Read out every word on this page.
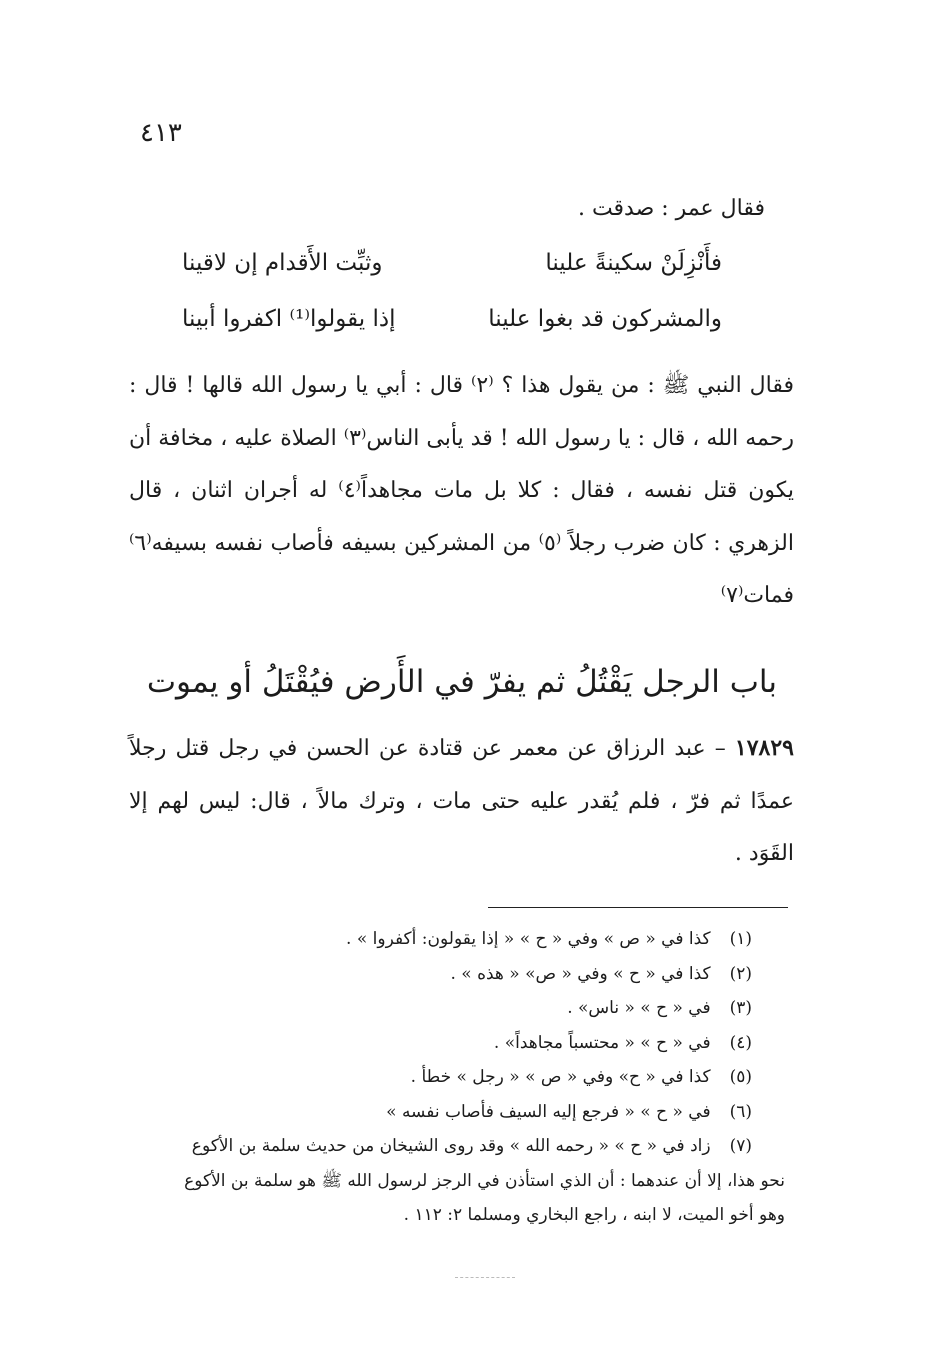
٤١٣
فقال عمر : صدقت .
فأَنْزِلَنْ سكينةً علينا
وثبِّت الأَقدام إن لاقينا
والمشركون قد بغوا علينا
إذا يقولوا⁽¹⁾ اكفروا أبينا
فقال النبي ﷺ : من يقول هذا ؟ ⁽٢⁾ قال : أبي يا رسول الله قالها ! قال : رحمه الله ، قال : يا رسول الله ! قد يأبى الناس⁽٣⁾ الصلاة عليه ، مخافة أن يكون قتل نفسه ، فقال : كلا بل مات مجاهداً⁽٤⁾ له أجران اثنان ، قال الزهري : كان ضرب رجلاً ⁽٥⁾ من المشركين بسيفه فأصاب نفسه بسيفه⁽٦⁾ فمات⁽٧⁾
باب الرجل يَقْتُلُ ثم يفرّ في الأَرض فيُقْتَلُ أو يموت
١٧٨٢٩ – عبد الرزاق عن معمر عن قتادة عن الحسن في رجل قتل رجلاً عمدًا ثم فرّ ، فلم يُقدر عليه حتى مات ، وترك مالاً ، قال: ليس لهم إلا القَوَد .
(١) كذا في « ص » وفي « ح » « إذا يقولون: أكفروا » .
(٢) كذا في « ح » وفي « ص» « هذه » .
(٣) في « ح » « ناس» .
(٤) في « ح » « محتسباً مجاهداً» .
(٥) كذا في « ح» وفي « ص » « رجل » خطأ .
(٦) في « ح » « فرجع إليه السيف فأصاب نفسه »
(٧) زاد في « ح » « رحمه الله » وقد روى الشيخان من حديث سلمة بن الأكوع
نحو هذا، إلا أن عندهما : أن الذي استأذن في الرجز لرسول الله ﷺ هو سلمة بن الأكوع
وهو أخو الميت، لا ابنه ، راجع البخاري ومسلما ٢: ١١٢ .
